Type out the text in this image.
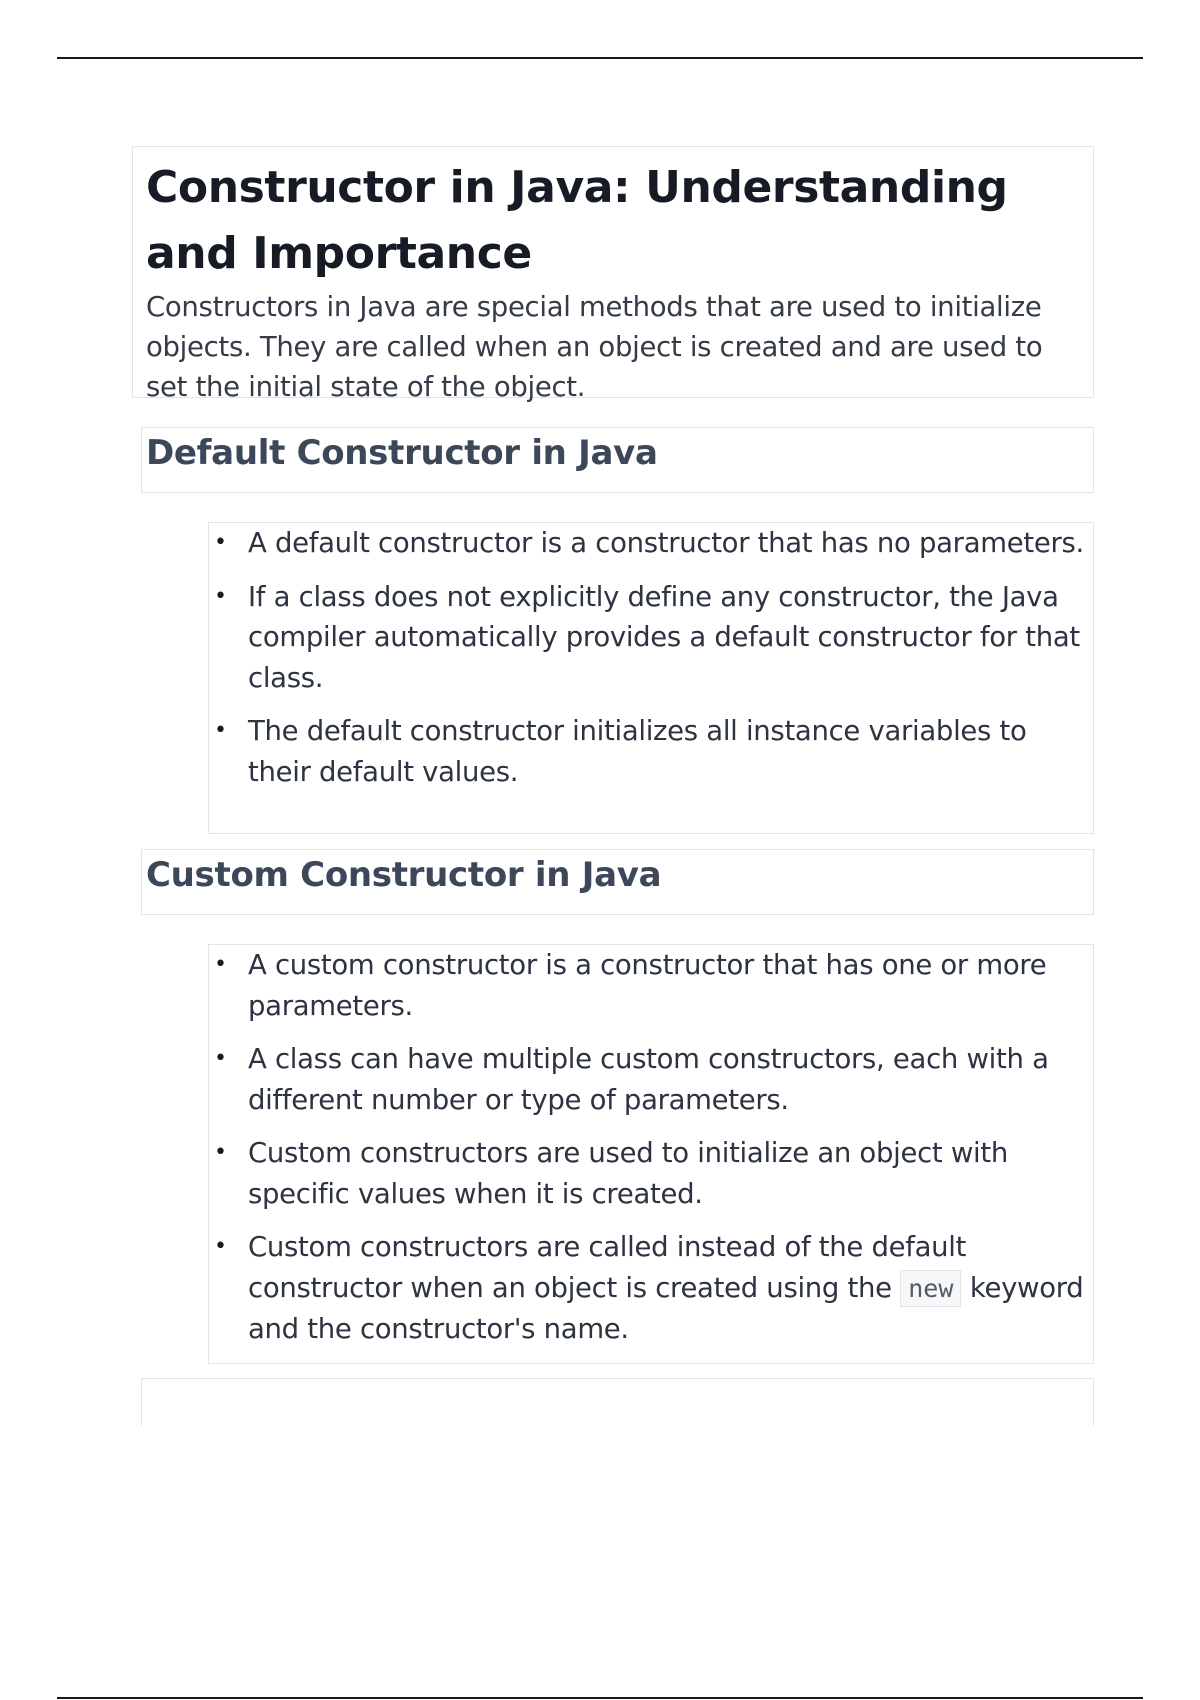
Constructor in Java: Understanding and Importance

Constructors in Java are special methods that are used to initialize objects. They are called when an object is created and are used to set the initial state of the object.

Default Constructor in Java
• A default constructor is a constructor that has no parameters.
• If a class does not explicitly define any constructor, the Java compiler automatically provides a default constructor for that class.
• The default constructor initializes all instance variables to their default values.
Custom Constructor in Java
• A custom constructor is a constructor that has one or more parameters.
• A class can have multiple custom constructors, each with a different number or type of parameters.
• Custom constructors are used to initialize an object with specific values when it is created.
• Custom constructors are called instead of the default constructor when an object is created using the new keyword and the constructor's name.
